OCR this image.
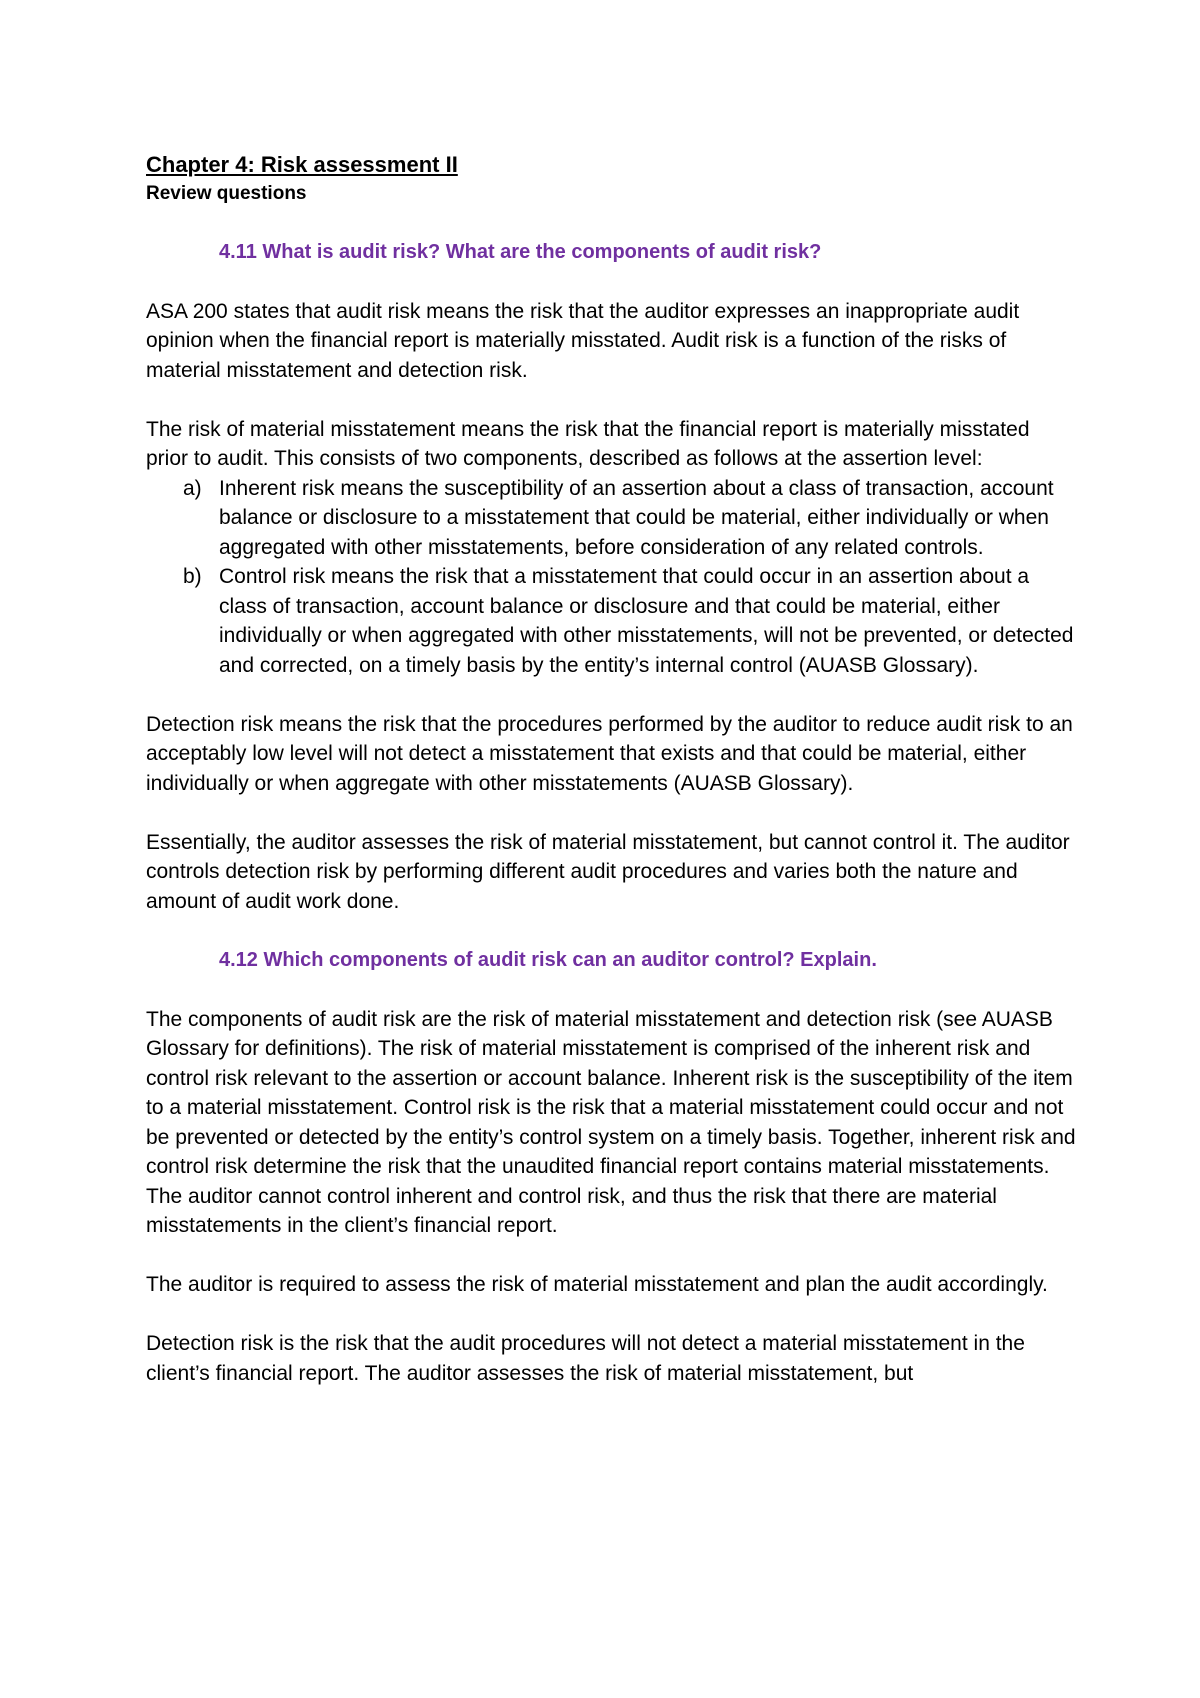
Chapter 4: Risk assessment II
Review questions
4.11 What is audit risk? What are the components of audit risk?

ASA 200 states that audit risk means the risk that the auditor expresses an inappropriate audit opinion when the financial report is materially misstated. Audit risk is a function of the risks of material misstatement and detection risk.

The risk of material misstatement means the risk that the financial report is materially misstated prior to audit. This consists of two components, described as follows at the assertion level:

a) Inherent risk means the susceptibility of an assertion about a class of transaction, account balance or disclosure to a misstatement that could be material, either individually or when aggregated with other misstatements, before consideration of any related controls.
b) Control risk means the risk that a misstatement that could occur in an assertion about a class of transaction, account balance or disclosure and that could be material, either individually or when aggregated with other misstatements, will not be prevented, or detected and corrected, on a timely basis by the entity’s internal control (AUASB Glossary).

Detection risk means the risk that the procedures performed by the auditor to reduce audit risk to an acceptably low level will not detect a misstatement that exists and that could be material, either individually or when aggregate with other misstatements (AUASB Glossary).

Essentially, the auditor assesses the risk of material misstatement, but cannot control it. The auditor controls detection risk by performing different audit procedures and varies both the nature and amount of audit work done.

4.12 Which components of audit risk can an auditor control? Explain.

The components of audit risk are the risk of material misstatement and detection risk (see AUASB Glossary for definitions). The risk of material misstatement is comprised of the inherent risk and control risk relevant to the assertion or account balance. Inherent risk is the susceptibility of the item to a material misstatement. Control risk is the risk that a material misstatement could occur and not be prevented or detected by the entity’s control system on a timely basis. Together, inherent risk and control risk determine the risk that the unaudited financial report contains material misstatements. The auditor cannot control inherent and control risk, and thus the risk that there are material misstatements in the client’s financial report.

The auditor is required to assess the risk of material misstatement and plan the audit accordingly.

Detection risk is the risk that the audit procedures will not detect a material misstatement in the client’s financial report. The auditor assesses the risk of material misstatement, but
